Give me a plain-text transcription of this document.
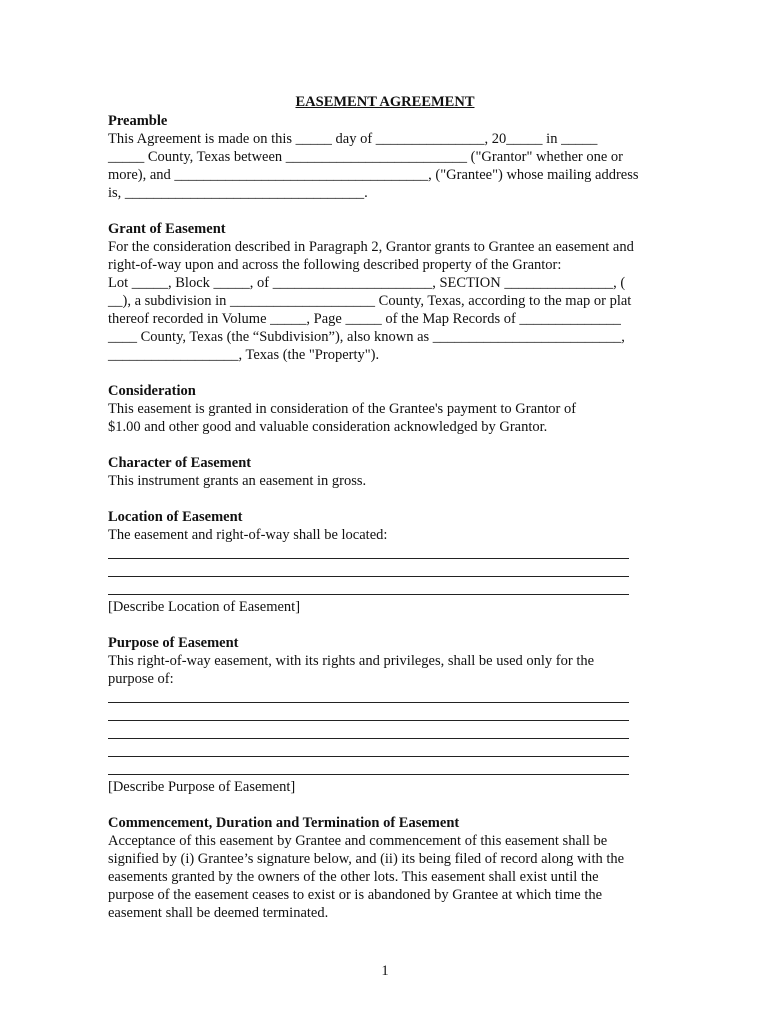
EASEMENT AGREEMENT
Preamble
This Agreement is made on this _____ day of _______________, 20_____ in _____
_____ County, Texas between _________________________ ("Grantor" whether one or
more), and ___________________________________, ("Grantee") whose mailing address
is, _________________________________.
Grant of Easement
For the consideration described in Paragraph 2, Grantor grants to Grantee an easement and
right-of-way upon and across the following described property of the Grantor:
Lot _____, Block _____, of ______________________, SECTION _______________, (
__), a subdivision in ____________________ County, Texas, according to the map or plat
thereof recorded in Volume _____, Page _____ of the Map Records of ______________
____ County, Texas (the “Subdivision”), also known as __________________________,
__________________, Texas (the "Property").
Consideration
This easement is granted in consideration of the Grantee's payment to Grantor of
$1.00 and other good and valuable consideration acknowledged by Grantor.
Character of Easement
This instrument grants an easement in gross.
Location of Easement
The easement and right-of-way shall be located:
[Describe Location of Easement]
Purpose of Easement
This right-of-way easement, with its rights and privileges, shall be used only for the
purpose of:
[Describe Purpose of Easement]
Commencement, Duration and Termination of Easement
Acceptance of this easement by Grantee and commencement of this easement shall be
signified by (i) Grantee’s signature below, and (ii) its being filed of record along with the
easements granted by the owners of the other lots. This easement shall exist until the
purpose of the easement ceases to exist or is abandoned by Grantee at which time the
easement shall be deemed terminated.
1
